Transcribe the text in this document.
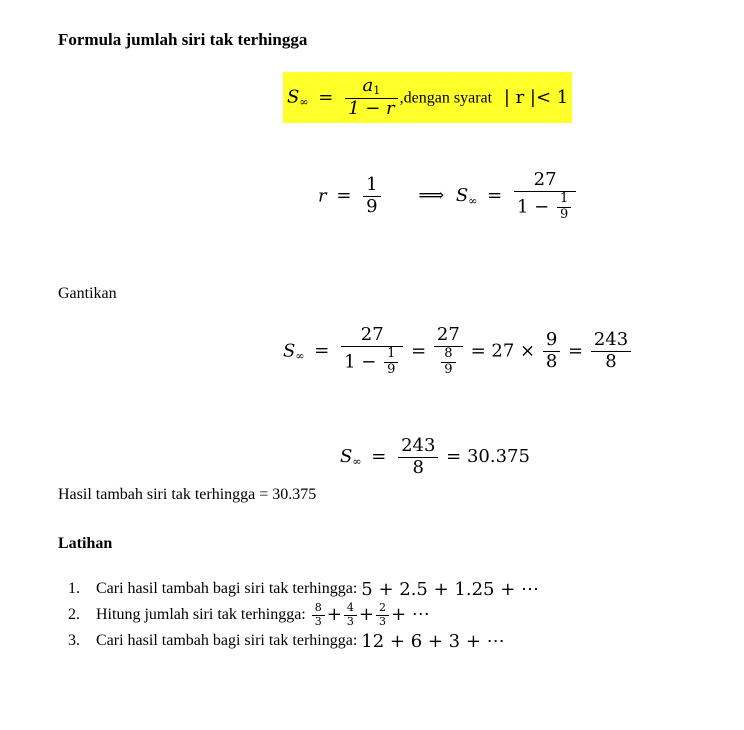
Formula jumlah siri tak terhingga
$S_\infty = \frac{a_1}{1 - r}$ ,dengan syarat | r |< 1
$r = \frac{1}{9}$ ⟹ $S_\infty = \frac{27}{1 - \frac{1}{9}}$
Gantikan
$S_\infty = \frac{27}{1 - \frac{1}{9}} = \frac{27}{\frac{8}{9}} = 27 \times \frac{9}{8} = \frac{243}{8}$
$S_\infty = \frac{243}{8} = 30.375$
Hasil tambah siri tak terhingga = 30.375
Latihan
1.	Cari hasil tambah bagi siri tak terhingga: 5 + 2.5 + 1.25 + ⋯
2.	Hitung jumlah siri tak terhingga: $\frac{8}{3} + \frac{4}{3} + \frac{2}{3}$ + ⋯
3.	Cari hasil tambah bagi siri tak terhingga: 12 + 6 + 3 + ⋯
